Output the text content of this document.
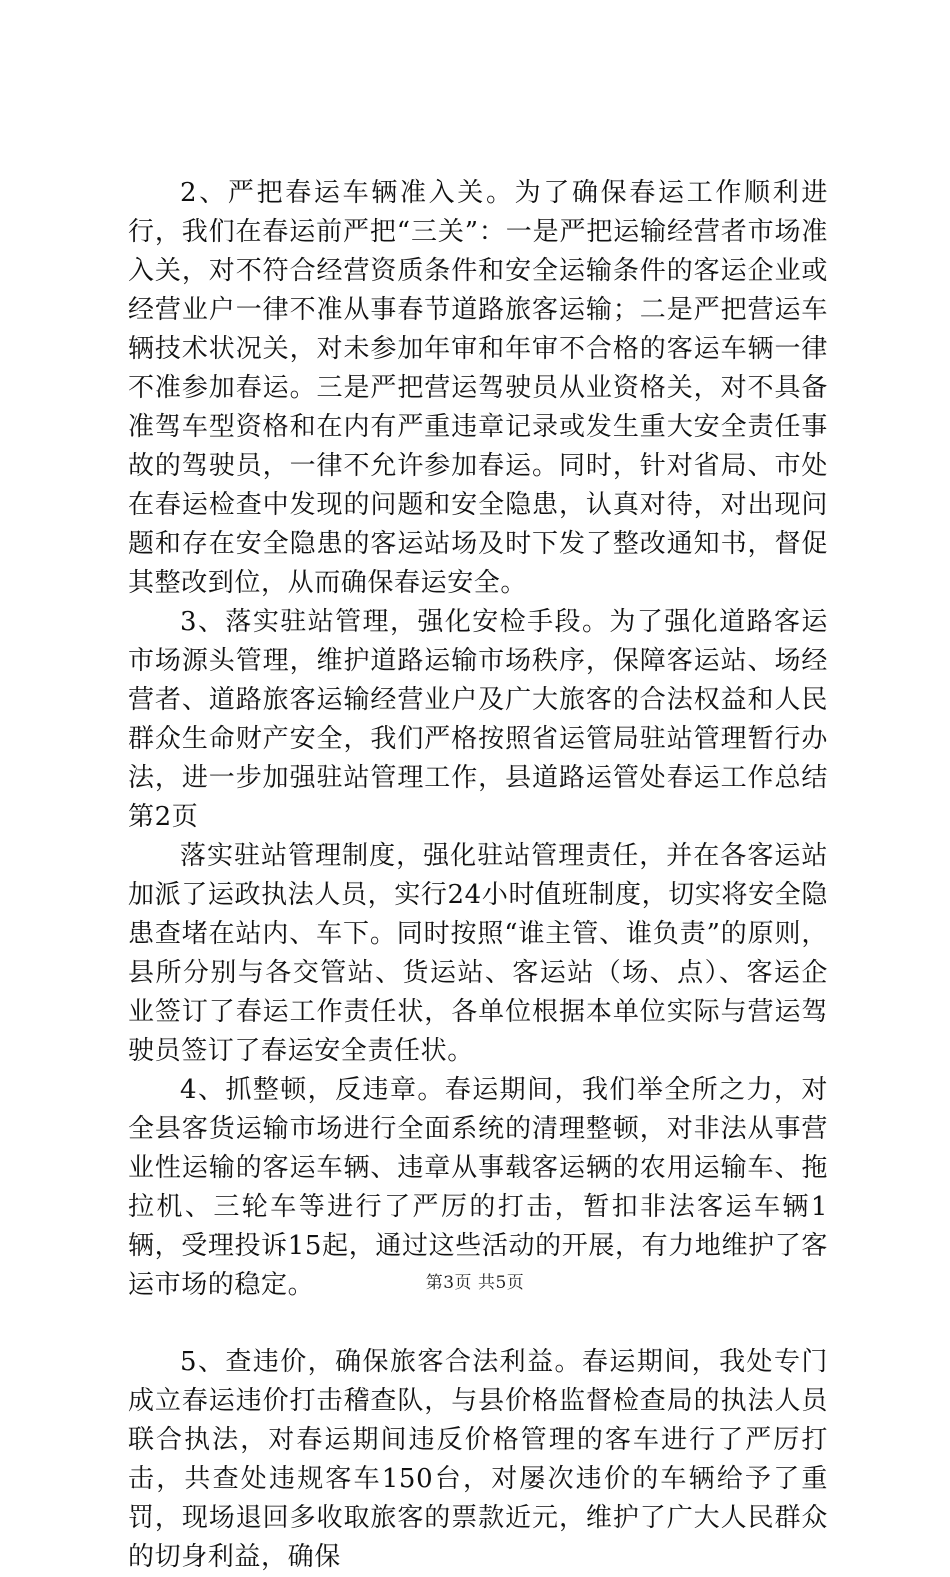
2、严把春运车辆准入关。为了确保春运工作顺利进行，我们在春运前严把“三关”：一是严把运输经营者市场准入关，对不符合经营资质条件和安全运输条件的客运企业或经营业户一律不准从事春节道路旅客运输；二是严把营运车辆技术状况关，对未参加年审和年审不合格的客运车辆一律不准参加春运。三是严把营运驾驶员从业资格关，对不具备准驾车型资格和在内有严重违章记录或发生重大安全责任事故的驾驶员，一律不允许参加春运。同时，针对省局、市处在春运检查中发现的问题和安全隐患，认真对待，对出现问题和存在安全隐患的客运站场及时下发了整改通知书，督促其整改到位，从而确保春运安全。

3、落实驻站管理，强化安检手段。为了强化道路客运市场源头管理，维护道路运输市场秩序，保障客运站、场经营者、道路旅客运输经营业户及广大旅客的合法权益和人民群众生命财产安全，我们严格按照省运管局驻站管理暂行办法，进一步加强驻站管理工作，县道路运管处春运工作总结第2页

落实驻站管理制度，强化驻站管理责任，并在各客运站加派了运政执法人员，实行24小时值班制度，切实将安全隐患查堵在站内、车下。同时按照“谁主管、谁负责”的原则，县所分别与各交管站、货运站、客运站（场、点）、客运企业签订了春运工作责任状，各单位根据本单位实际与营运驾驶员签订了春运安全责任状。

4、抓整顿，反违章。春运期间，我们举全所之力，对全县客货运输市场进行全面系统的清理整顿，对非法从事营业性运输的客运车辆、违章从事载客运辆的农用运输车、拖拉机、三轮车等进行了严厉的打击，暂扣非法客运车辆1辆，受理投诉15起，通过这些活动的开展，有力地维护了客运市场的稳定。

5、查违价，确保旅客合法利益。春运期间，我处专门成立春运违价打击稽查队，与县价格监督检查局的执法人员联合执法，对春运期间违反价格管理的客车进行了严厉打击，共查处违规客车150台，对屡次违价的车辆给予了重罚，现场退回多收取旅客的票款近元，维护了广大人民群众的切身利益，确保

第3页 共5页
